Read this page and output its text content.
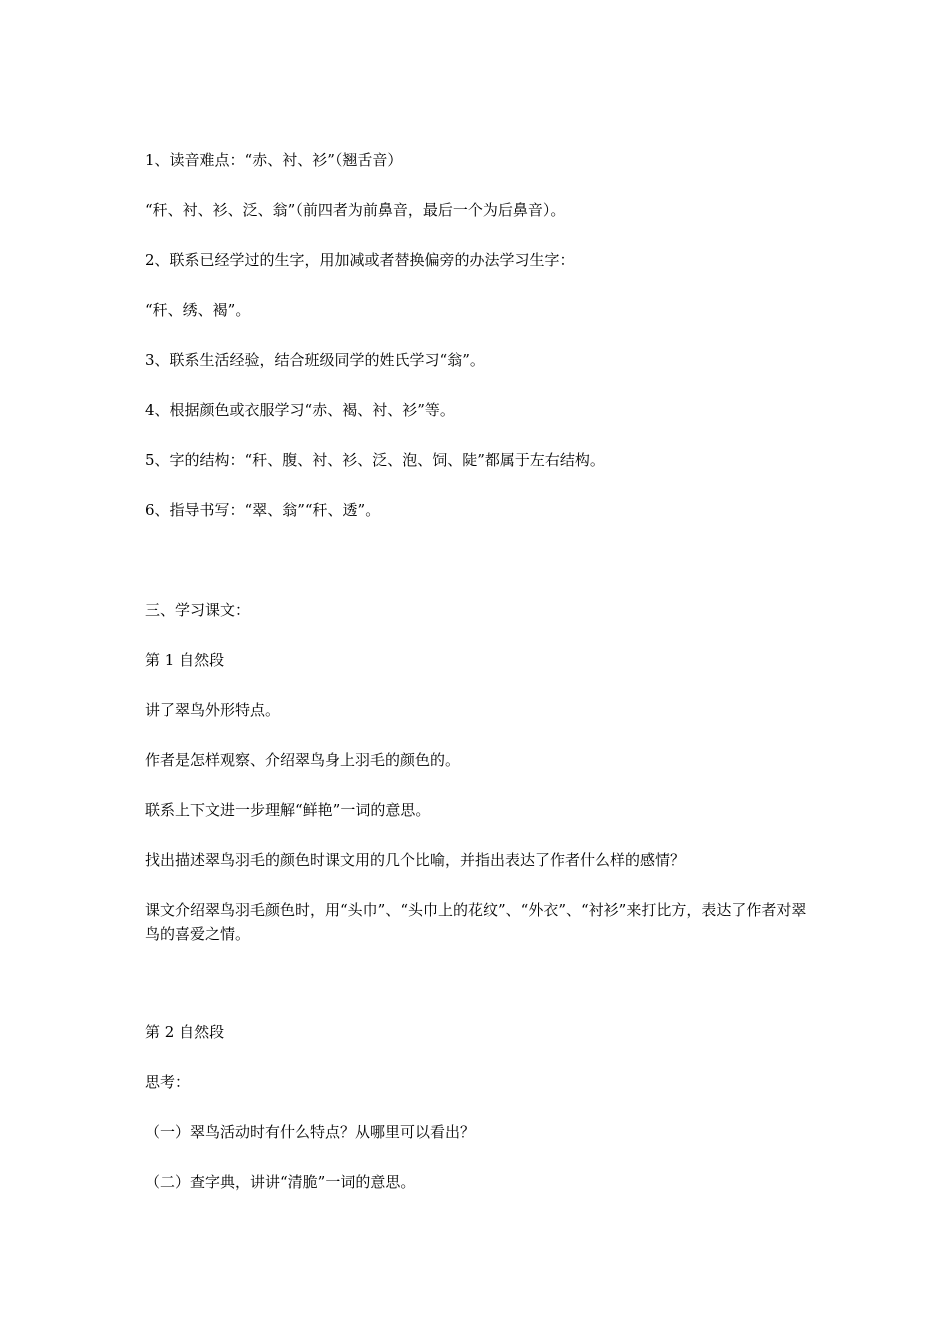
1、读音难点：“赤、衬、衫”（翘舌音）
“秆、衬、衫、泛、翁”（前四者为前鼻音，最后一个为后鼻音）。
2、联系已经学过的生字，用加减或者替换偏旁的办法学习生字：
“秆、绣、褐”。
3、联系生活经验，结合班级同学的姓氏学习“翁”。
4、根据颜色或衣服学习“赤、褐、衬、衫”等。
5、字的结构：“秆、腹、衬、衫、泛、泡、饲、陡”都属于左右结构。
6、指导书写：“翠、翁”“秆、透”。
三、学习课文：
第 1 自然段
讲了翠鸟外形特点。
作者是怎样观察、介绍翠鸟身上羽毛的颜色的。
联系上下文进一步理解“鲜艳”一词的意思。
找出描述翠鸟羽毛的颜色时课文用的几个比喻，并指出表达了作者什么样的感情？
课文介绍翠鸟羽毛颜色时，用“头巾”、“头巾上的花纹”、“外衣”、“衬衫”来打比方，表达了作者对翠鸟的喜爱之情。
第 2 自然段
思考：
（一）翠鸟活动时有什么特点？从哪里可以看出？
（二）查字典，讲讲“清脆”一词的意思。
